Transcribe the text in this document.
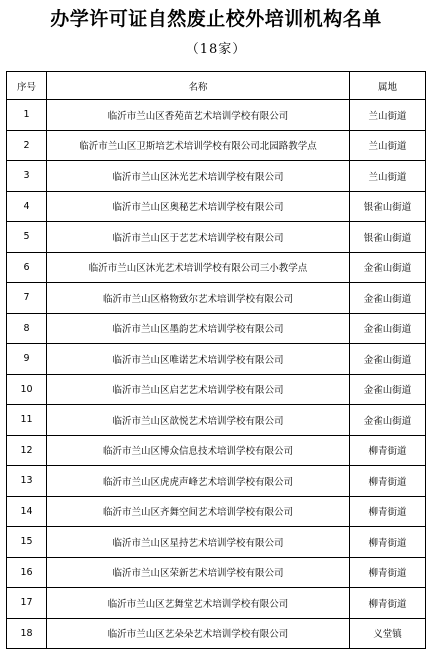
办学许可证自然废止校外培训机构名单
（18家）
序号	名称	属地
1	临沂市兰山区香苑苗艺术培训学校有限公司	兰山街道
2	临沂市兰山区卫斯培艺术培训学校有限公司北园路教学点	兰山街道
3	临沂市兰山区沐光艺术培训学校有限公司	兰山街道
4	临沂市兰山区奥秘艺术培训学校有限公司	银雀山街道
5	临沂市兰山区于艺艺术培训学校有限公司	银雀山街道
6	临沂市兰山区沐光艺术培训学校有限公司三小教学点	金雀山街道
7	临沂市兰山区格物致尔艺术培训学校有限公司	金雀山街道
8	临沂市兰山区墨韵艺术培训学校有限公司	金雀山街道
9	临沂市兰山区唯诺艺术培训学校有限公司	金雀山街道
10	临沂市兰山区启艺艺术培训学校有限公司	金雀山街道
11	临沂市兰山区歆悦艺术培训学校有限公司	金雀山街道
12	临沂市兰山区博众信息技术培训学校有限公司	柳青街道
13	临沂市兰山区虎虎声峰艺术培训学校有限公司	柳青街道
14	临沂市兰山区齐舞空间艺术培训学校有限公司	柳青街道
15	临沂市兰山区星持艺术培训学校有限公司	柳青街道
16	临沂市兰山区荣新艺术培训学校有限公司	柳青街道
17	临沂市兰山区艺舞堂艺术培训学校有限公司	柳青街道
18	临沂市兰山区艺朵朵艺术培训学校有限公司	义堂镇
